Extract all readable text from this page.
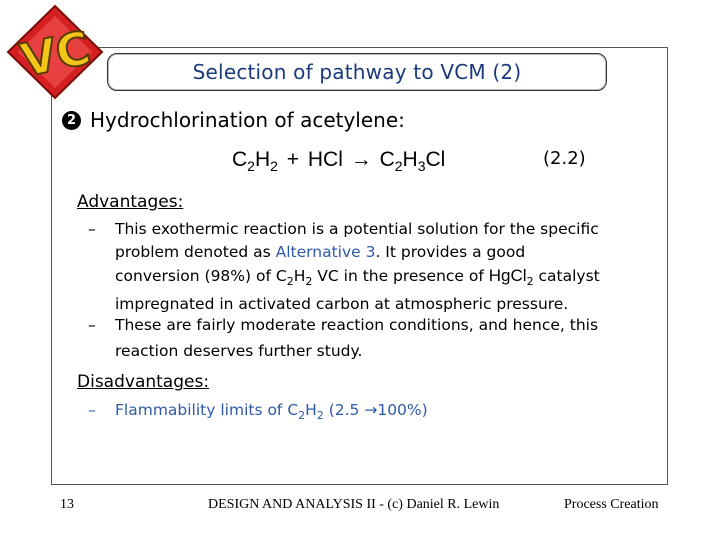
VC	Selection of pathway to VCM (2)
2 Hydrochlorination of acetylene:
$C_2H_2$ + HCl → $C_2H_3Cl$	(2.2)
Advantages:
– This exothermic reaction is a potential solution for the specific
problem denoted as Alternative 3. It provides a good
conversion (98%) of $C_2H_2$ VC in the presence of HgCl$_2$ catalyst
impregnated in activated carbon at atmospheric pressure.
– These are fairly moderate reaction conditions, and hence, this
reaction deserves further study.
Disadvantages:
– Flammability limits of $C_2H_2$ (2.5 →100%)
13	DESIGN AND ANALYSIS II - (c) Daniel R. Lewin	Process Creation
